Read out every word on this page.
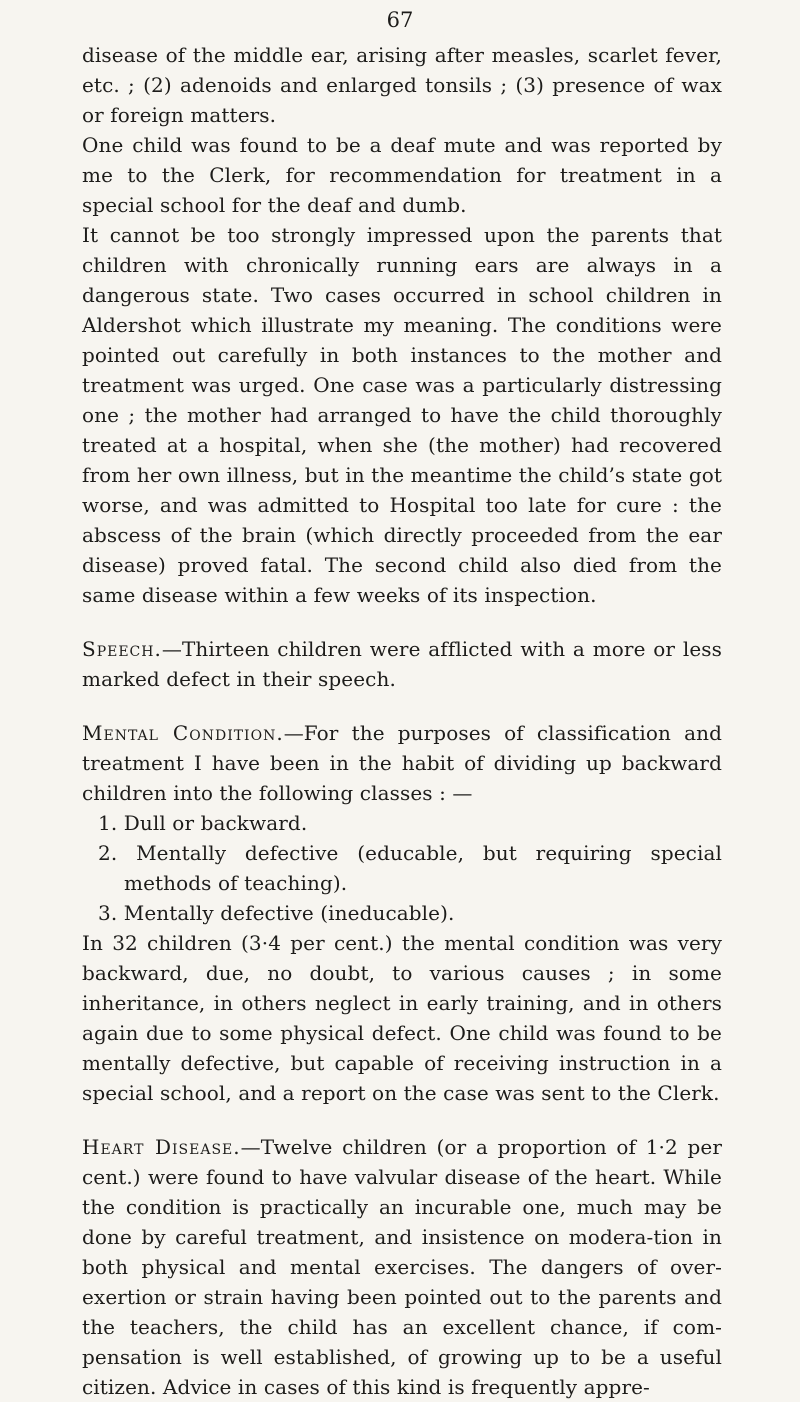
67

disease of the middle ear, arising after measles, scarlet fever, etc. ; (2) adenoids and enlarged tonsils ; (3) presence of wax or foreign matters.

One child was found to be a deaf mute and was reported by me to the Clerk, for recommendation for treatment in a special school for the deaf and dumb.

It cannot be too strongly impressed upon the parents that children with chronically running ears are always in a dangerous state. Two cases occurred in school children in Aldershot which illustrate my meaning. The conditions were pointed out carefully in both instances to the mother and treatment was urged. One case was a particularly distressing one ; the mother had arranged to have the child thoroughly treated at a hospital, when she (the mother) had recovered from her own illness, but in the meantime the child’s state got worse, and was admitted to Hospital too late for cure : the abscess of the brain (which directly proceeded from the ear disease) proved fatal. The second child also died from the same disease within a few weeks of its inspection.

Speech.—Thirteen children were afflicted with a more or less marked defect in their speech.

Mental Condition.—For the purposes of classification and treatment I have been in the habit of dividing up backward children into the following classes : —

1. Dull or backward.
2. Mentally defective (educable, but requiring special methods of teaching).
3. Mentally defective (ineducable).

In 32 children (3·4 per cent.) the mental condition was very backward, due, no doubt, to various causes ; in some inheritance, in others neglect in early training, and in others again due to some physical defect. One child was found to be mentally defective, but capable of receiving instruction in a special school, and a report on the case was sent to the Clerk.

Heart Disease.—Twelve children (or a proportion of 1·2 per cent.) were found to have valvular disease of the heart. While the condition is practically an incurable one, much may be done by careful treatment, and insistence on modera-tion in both physical and mental exercises. The dangers of over-exertion or strain having been pointed out to the parents and the teachers, the child has an excellent chance, if com-pensation is well established, of growing up to be a useful citizen. Advice in cases of this kind is frequently appre-
